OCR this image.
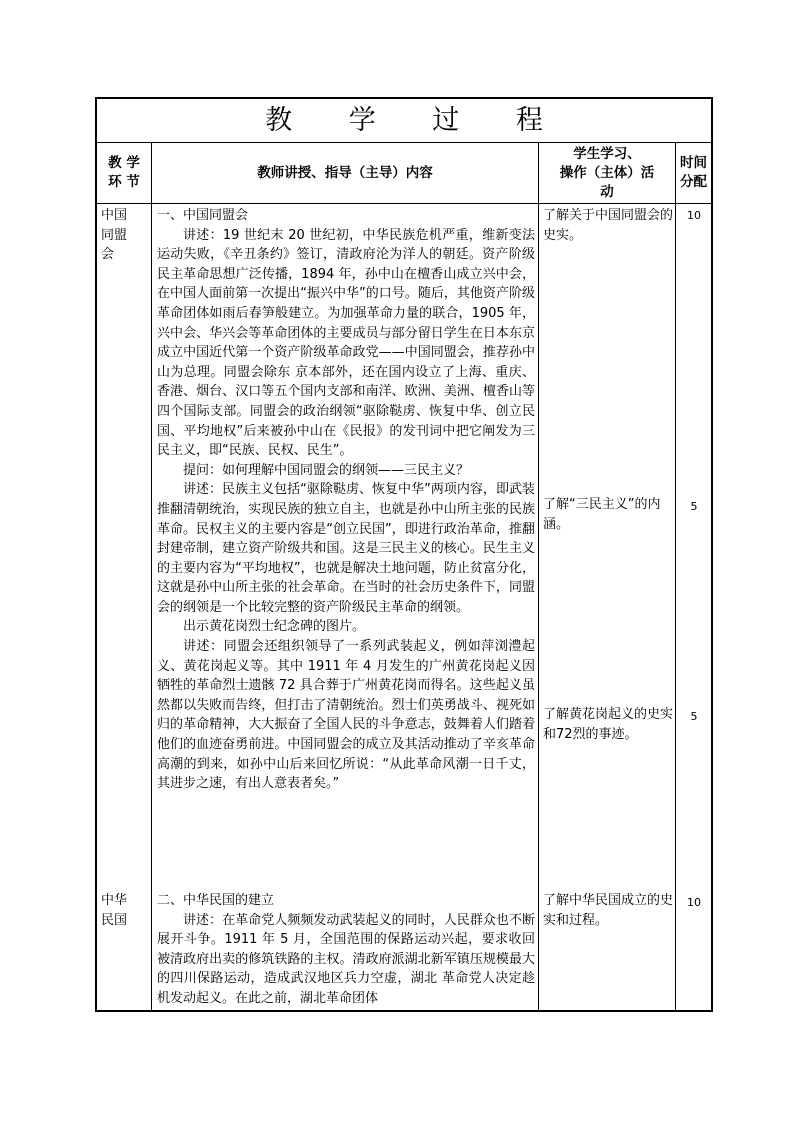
教 学 过 程
教 学
环 节
教师讲授、指导（主导）内容
学生学习、
操作（主体）活
动
时间
分配
中国
同盟
会

一、中国同盟会

讲述：19 世纪末 20 世纪初，中华民族危机严重，维新变法运动失败，《辛丑条约》签订，清政府沦为洋人的朝廷。资产阶级民主革命思想广泛传播，1894 年，孙中山在檀香山成立兴中会，在中国人面前第一次提出“振兴中华”的口号。随后，其他资产阶级革命团体如雨后春笋般建立。为加强革命力量的联合，1905 年，兴中会、华兴会等革命团体的主要成员与部分留日学生在日本东京成立中国近代第一个资产阶级革命政党——中国同盟会，推荐孙中山为总理。同盟会除东 京本部外，还在国内设立了上海、重庆、香港、烟台、汉口等五个国内支部和南洋、欧洲、美洲、檀香山等四个国际支部。同盟会的政治纲领“驱除鞑虏、恢复中华、创立民国、平均地权”后来被孙中山在《民报》的发刊词中把它阐发为三民主义，即“民族、民权、民生”。

提问：如何理解中国同盟会的纲领——三民主义？

讲述：民族主义包括“驱除鞑虏、恢复中华”两项内容，即武装推翻清朝统治，实现民族的独立自主，也就是孙中山所主张的民族革命。民权主义的主要内容是“创立民国”，即进行政治革命，推翻封建帝制，建立资产阶级共和国。这是三民主义的核心。民生主义的主要内容为“平均地权”，也就是解决土地问题，防止贫富分化，这就是孙中山所主张的社会革命。在当时的社会历史条件下，同盟会的纲领是一个比较完整的资产阶级民主革命的纲领。

出示黄花岗烈士纪念碑的图片。

讲述：同盟会还组织领导了一系列武装起义，例如萍浏澧起义、黄花岗起义等。其中 1911 年 4 月发生的广州黄花岗起义因牺牲的革命烈士遗骸 72 具合葬于广州黄花岗而得名。这些起义虽然都以失败而告终，但打击了清朝统治。烈士们英勇战斗、视死如归的革命精神，大大振奋了全国人民的斗争意志，鼓舞着人们踏着他们的血迹奋勇前进。中国同盟会的成立及其活动推动了辛亥革命高潮的到来，如孙中山后来回忆所说：“从此革命风潮一日千丈，其进步之速，有出人意表者矣。”

了解关于中国同盟会的史实。
10
了解“三民主义”的内涵。
5
了解黄花岗起义的史实和72烈的事迹。
5
中华
民国

二、中华民国的建立

讲述：在革命党人频频发动武装起义的同时，人民群众也不断展开斗争。1911 年 5 月，全国范围的保路运动兴起，要求收回被清政府出卖的修筑铁路的主权。清政府派湖北新军镇压规模最大的四川保路运动，造成武汉地区兵力空虚，湖北 革命党人决定趁机发动起义。在此之前，湖北革命团体

了解中华民国成立的史实和过程。
10
